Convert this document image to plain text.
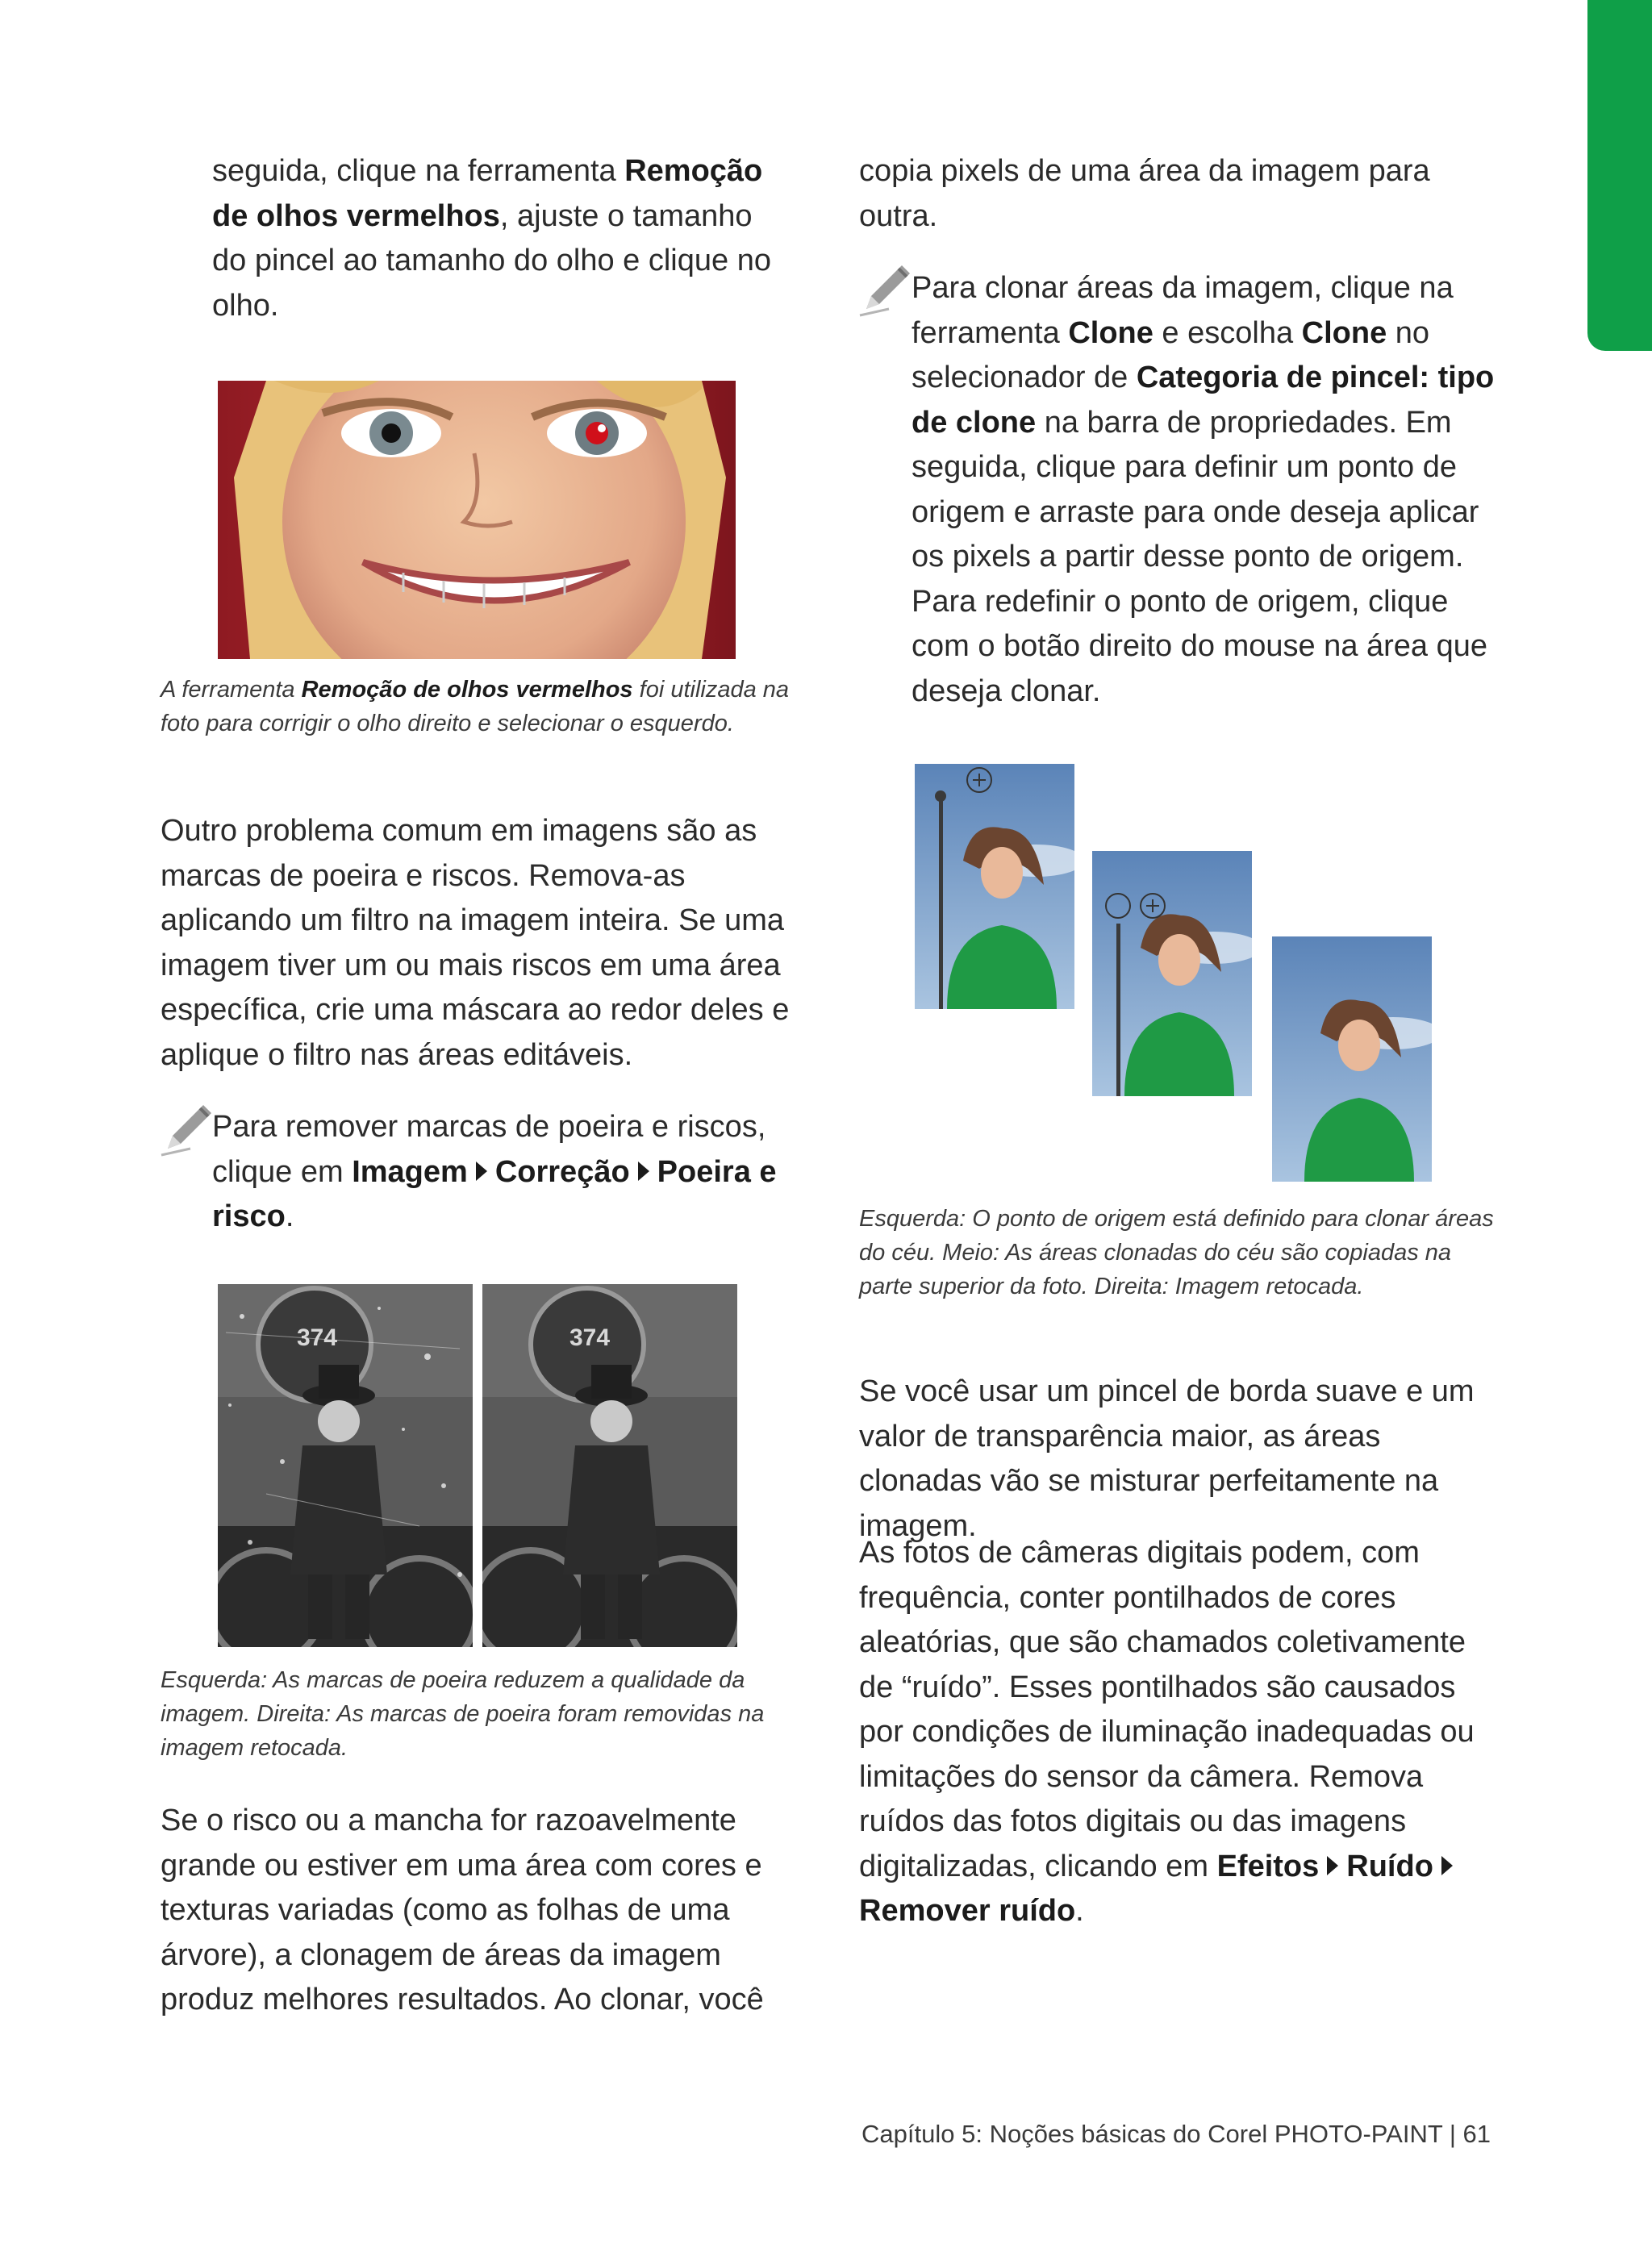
seguida, clique na ferramenta Remoção de olhos vermelhos, ajuste o tamanho do pincel ao tamanho do olho e clique no olho.

A ferramenta Remoção de olhos vermelhos foi utilizada na foto para corrigir o olho direito e selecionar o esquerdo.

Outro problema comum em imagens são as marcas de poeira e riscos. Remova-as aplicando um filtro na imagem inteira. Se uma imagem tiver um ou mais riscos em uma área específica, crie uma máscara ao redor deles e aplique o filtro nas áreas editáveis.

Para remover marcas de poeira e riscos, clique em Imagem Correção Poeira e risco.

374	374

Esquerda: As marcas de poeira reduzem a qualidade da imagem. Direita: As marcas de poeira foram removidas na imagem retocada.

Se o risco ou a mancha for razoavelmente grande ou estiver em uma área com cores e texturas variadas (como as folhas de uma árvore), a clonagem de áreas da imagem produz melhores resultados. Ao clonar, você

copia pixels de uma área da imagem para outra.

Para clonar áreas da imagem, clique na ferramenta Clone e escolha Clone no selecionador de Categoria de pincel: tipo de clone na barra de propriedades. Em seguida, clique para definir um ponto de origem e arraste para onde deseja aplicar os pixels a partir desse ponto de origem. Para redefinir o ponto de origem, clique com o botão direito do mouse na área que deseja clonar.

Esquerda: O ponto de origem está definido para clonar áreas do céu. Meio: As áreas clonadas do céu são copiadas na parte superior da foto. Direita: Imagem retocada.

Se você usar um pincel de borda suave e um valor de transparência maior, as áreas clonadas vão se misturar perfeitamente na imagem.

As fotos de câmeras digitais podem, com frequência, conter pontilhados de cores aleatórias, que são chamados coletivamente de “ruído”. Esses pontilhados são causados por condições de iluminação inadequadas ou limitações do sensor da câmera. Remova ruídos das fotos digitais ou das imagens digitalizadas, clicando em Efeitos RuídoRemover ruído.

Capítulo 5: Noções básicas do Corel PHOTO-PAINT | 61
